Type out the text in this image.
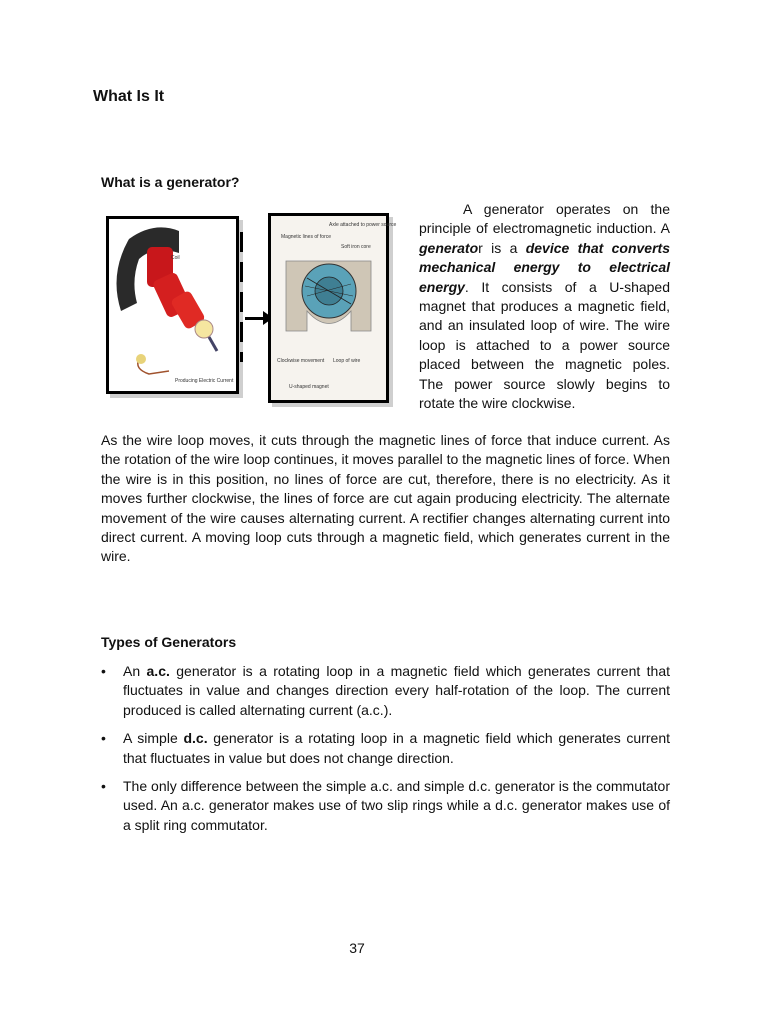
What Is It
What is a generator?
Coil
Producing Electric Current
Axle attached to power source
Magnetic lines of force
Soft iron core
Clockwise movement Loop of wire
U-shaped magnet

A generator operates on the principle of electromagnetic induction. A generator is a device that converts mechanical energy to electrical energy. It consists of a U-shaped magnet that produces a magnetic field, and an insulated loop of wire. The wire loop is attached to a power source placed between the magnetic poles. The power source slowly begins to rotate the wire clockwise.

As the wire loop moves, it cuts through the magnetic lines of force that induce current. As the rotation of the wire loop continues, it moves parallel to the magnetic lines of force. When the wire is in this position, no lines of force are cut, therefore, there is no electricity. As it moves further clockwise, the lines of force are cut again producing electricity. The alternate movement of the wire causes alternating current. A rectifier changes alternating current into direct current. A moving loop cuts through a magnetic field, which generates current in the wire.

Types of Generators
•	An a.c. generator is a rotating loop in a magnetic field which generates current that fluctuates in value and changes direction every half-rotation of the loop. The current produced is called alternating current (a.c.).
•	A simple d.c. generator is a rotating loop in a magnetic field which generates current that fluctuates in value but does not change direction.
•	The only difference between the simple a.c. and simple d.c. generator is the commutator used. An a.c. generator makes use of two slip rings while a d.c. generator makes use of a split ring commutator.
37
